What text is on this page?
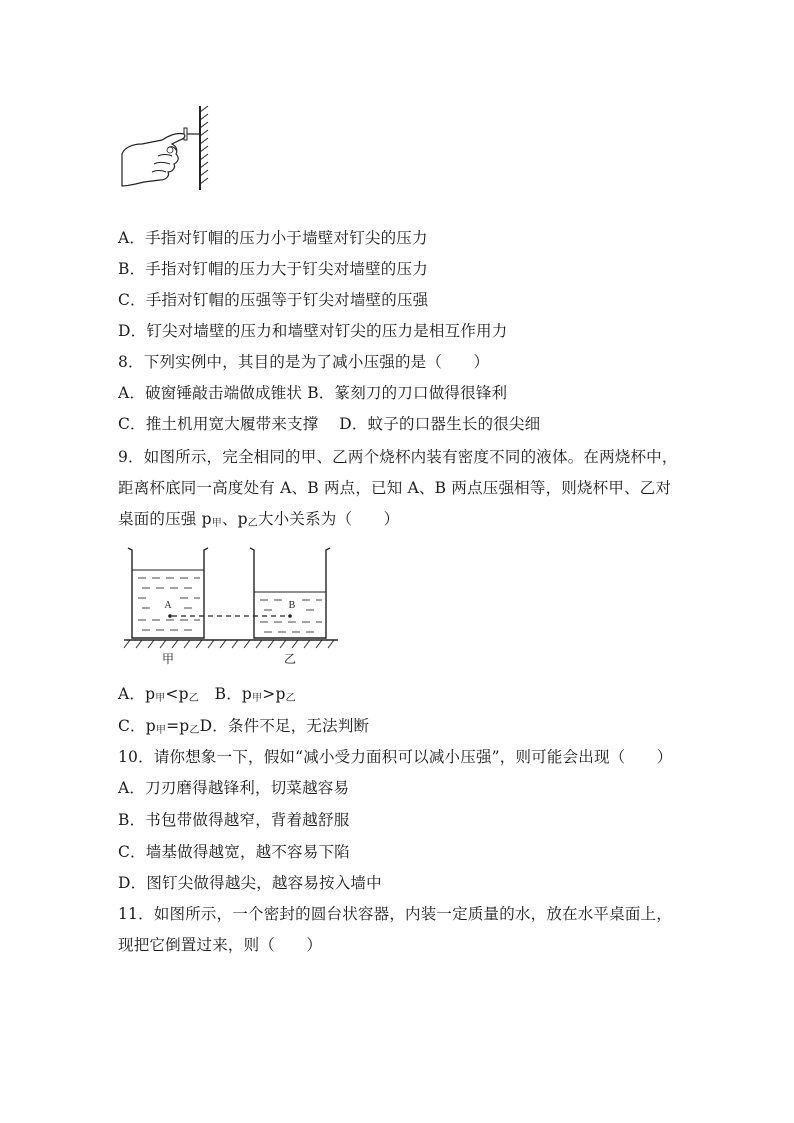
A．手指对钉帽的压力小于墙壁对钉尖的压力
B．手指对钉帽的压力大于钉尖对墙壁的压力
C．手指对钉帽的压强等于钉尖对墙壁的压强
D．钉尖对墙壁的压力和墙壁对钉尖的压力是相互作用力
8．下列实例中，其目的是为了减小压强的是（　　）
A．破窗锤敲击端做成锥状 B．篆刻刀的刀口做得很锋利
C．推土机用宽大履带来支撑　 D．蚊子的口器生长的很尖细
9．如图所示，完全相同的甲、乙两个烧杯内装有密度不同的液体。在两烧杯中，
距离杯底同一高度处有 A、B 两点，已知 A、B 两点压强相等，则烧杯甲、乙对
桌面的压强 $p_甲$、$p_乙$大小关系为（　　）
A	B
甲	乙
A．$p_甲<p_乙$　B．$p_甲>p_乙$
C．$p_甲=p_乙D$．条件不足，无法判断
10．请你想象一下，假如“减小受力面积可以减小压强”，则可能会出现（　　）
A．刀刃磨得越锋利，切菜越容易
B．书包带做得越窄，背着越舒服
C．墙基做得越宽，越不容易下陷
D．图钉尖做得越尖，越容易按入墙中
11．如图所示，一个密封的圆台状容器，内装一定质量的水，放在水平桌面上，
现把它倒置过来，则（　　）
